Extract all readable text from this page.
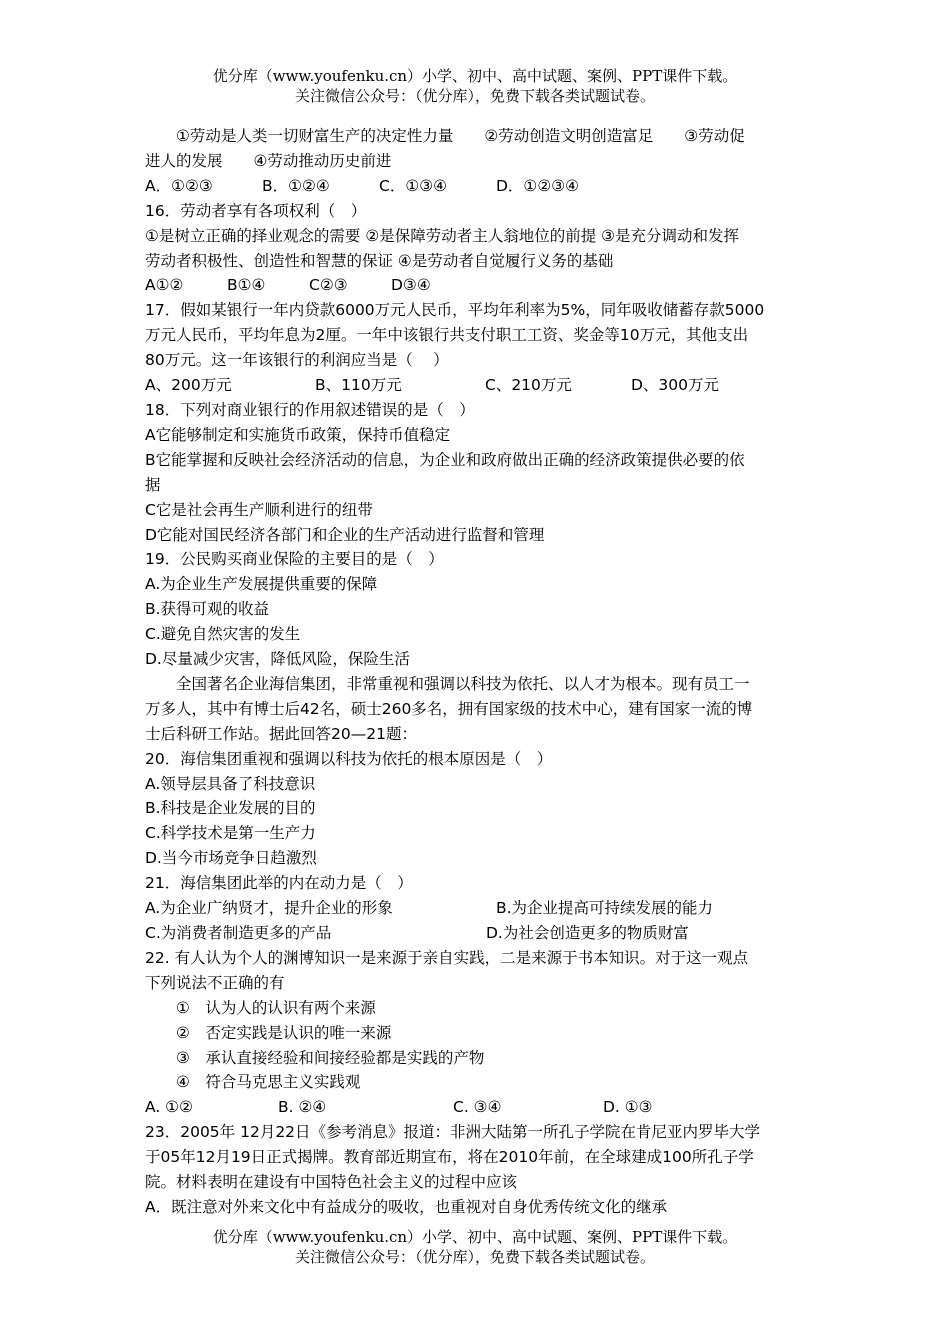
优分库（www.youfenku.cn）小学、初中、高中试题、案例、PPT课件下载。
关注微信公众号：（优分库），免费下载各类试题试卷。

①劳动是人类一切财富生产的决定性力量　　②劳动创造文明创造富足　　③劳动促

进人的发展　　④劳动推动历史前进

A．①②③	B．①②④	C．①③④	D．①②③④

16．劳动者享有各项权利（　）

①是树立正确的择业观念的需要 ②是保障劳动者主人翁地位的前提 ③是充分调动和发挥

劳动者积极性、创造性和智慧的保证 ④是劳动者自觉履行义务的基础

A①②	B①④	C②③	D③④

17．假如某银行一年内贷款6000万元人民币，平均年利率为5%，同年吸收储蓄存款5000

万元人民币，平均年息为2厘。一年中该银行共支付职工工资、奖金等10万元，其他支出

80万元。这一年该银行的利润应当是（　 ）

A、200万元	B、110万元	C、210万元	D、300万元

18．下列对商业银行的作用叙述错误的是（　）

A它能够制定和实施货币政策，保持币值稳定

B它能掌握和反映社会经济活动的信息，为企业和政府做出正确的经济政策提供必要的依

据

C它是社会再生产顺利进行的纽带

D它能对国民经济各部门和企业的生产活动进行监督和管理

19．公民购买商业保险的主要目的是（　）

A.为企业生产发展提供重要的保障

B.获得可观的收益

C.避免自然灾害的发生

D.尽量减少灾害，降低风险，保险生活

全国著名企业海信集团，非常重视和强调以科技为依托、以人才为根本。现有员工一

万多人，其中有博士后42名，硕士260多名，拥有国家级的技术中心，建有国家一流的博

士后科研工作站。据此回答20—21题：

20．海信集团重视和强调以科技为依托的根本原因是（　）

A.领导层具备了科技意识

B.科技是企业发展的目的

C.科学技术是第一生产力

D.当今市场竞争日趋激烈

21．海信集团此举的内在动力是（　）

A.为企业广纳贤才，提升企业的形象	B.为企业提高可持续发展的能力
C.为消费者制造更多的产品	D.为社会创造更多的物质财富

22. 有人认为个人的渊博知识一是来源于亲自实践，二是来源于书本知识。对于这一观点

下列说法不正确的有

①　认为人的认识有两个来源

②　否定实践是认识的唯一来源

③　承认直接经验和间接经验都是实践的产物

④　符合马克思主义实践观

A. ①②	B. ②④	C. ③④	D. ①③

23．2005年 12月22日《参考消息》报道：非洲大陆第一所孔子学院在肯尼亚内罗毕大学

于05年12月19日正式揭牌。教育部近期宣布，将在2010年前，在全球建成100所孔子学

院。材料表明在建设有中国特色社会主义的过程中应该

A．既注意对外来文化中有益成分的吸收，也重视对自身优秀传统文化的继承

优分库（www.youfenku.cn）小学、初中、高中试题、案例、PPT课件下载。
关注微信公众号：（优分库），免费下载各类试题试卷。
